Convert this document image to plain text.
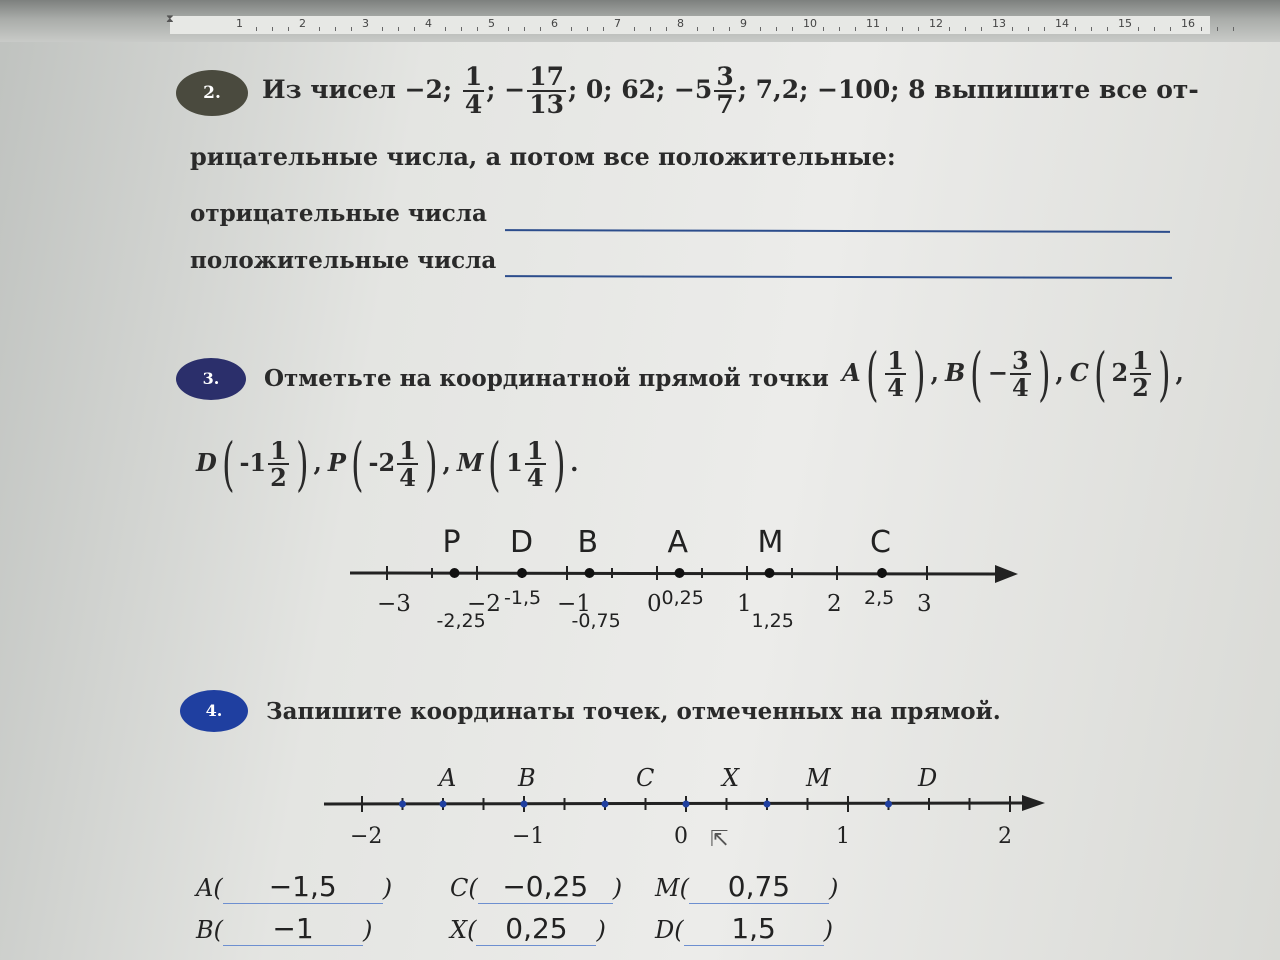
⧗	1	2	3	4	5	6	7	8	9	10	11	12	13	14	15	16
2.	Из чисел −2; $\frac{1}{4}$ ; − $\frac{17}{13}$ ; 0; 62; $-5 \frac{3}{7}$ ; 7,2; −100; 8 выпишите все от-
рицательные числа, а потом все положительные:
отрицательные числа
положительные числа
3.	Отметьте на координатной прямой точки $A( \frac{1}{4}$ ) , $B( - \frac{3}{4}$ ) , C( $2 \frac{1}{2}$ ) ,
D( $-1 \frac{1}{2}$ ) , P( $-2 \frac{1}{4}$ ) , M( $1 \frac{1}{4}$ ) .
−3 −2 −1 0	1	2	3
P
-2,25
D
-1,5
B
-0,75
A
0,25
M
1,25
C
2,5
4.	Запишите координаты точек, отмеченных на прямой.
−2	−1	0	1	2
A	B	C	X	M	D
⇱
A( −1,5 )
B( −1 )
C( −0,25 )
X( 0,25 )
M( 0,75 )
D( 1,5 )
